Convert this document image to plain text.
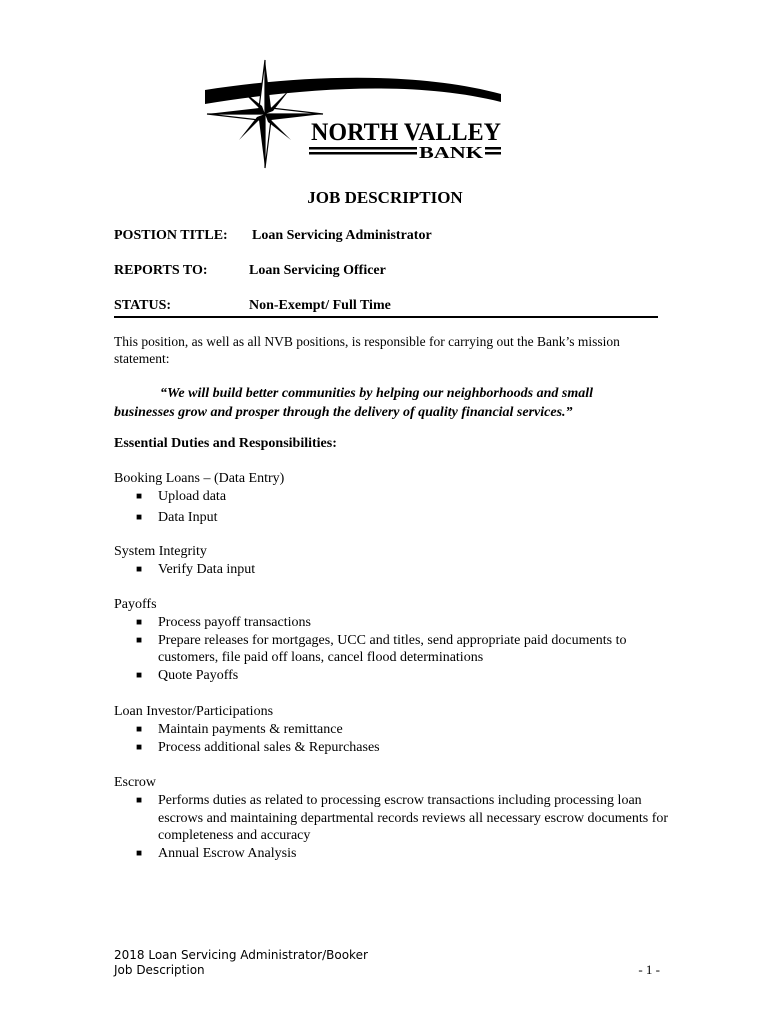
NORTH VALLEY
BANK
JOB DESCRIPTION
POSTION TITLE: Loan Servicing Administrator
REPORTS TO:	Loan Servicing Officer
STATUS:	Non-Exempt/ Full Time
This position, as well as all NVB positions, is responsible for carrying out the Bank’s mission
statement:
“We will build better communities by helping our neighborhoods and small
businesses grow and prosper through the delivery of quality financial services.”
Essential Duties and Responsibilities:
Booking Loans – (Data Entry)
■ Upload data
■ Data Input
System Integrity
■ Verify Data input
Payoffs
■ Process payoff transactions
■ Prepare releases for mortgages, UCC and titles, send appropriate paid documents to customers, file paid off loans, cancel flood determinations
■ Quote Payoffs
Loan Investor/Participations
■ Maintain payments & remittance
■ Process additional sales & Repurchases
Escrow
■ Performs duties as related to processing escrow transactions including processing loan escrows and maintaining departmental records reviews all necessary escrow documents for completeness and accuracy
■ Annual Escrow Analysis
2018 Loan Servicing Administrator/Booker
Job Description	- 1 -
